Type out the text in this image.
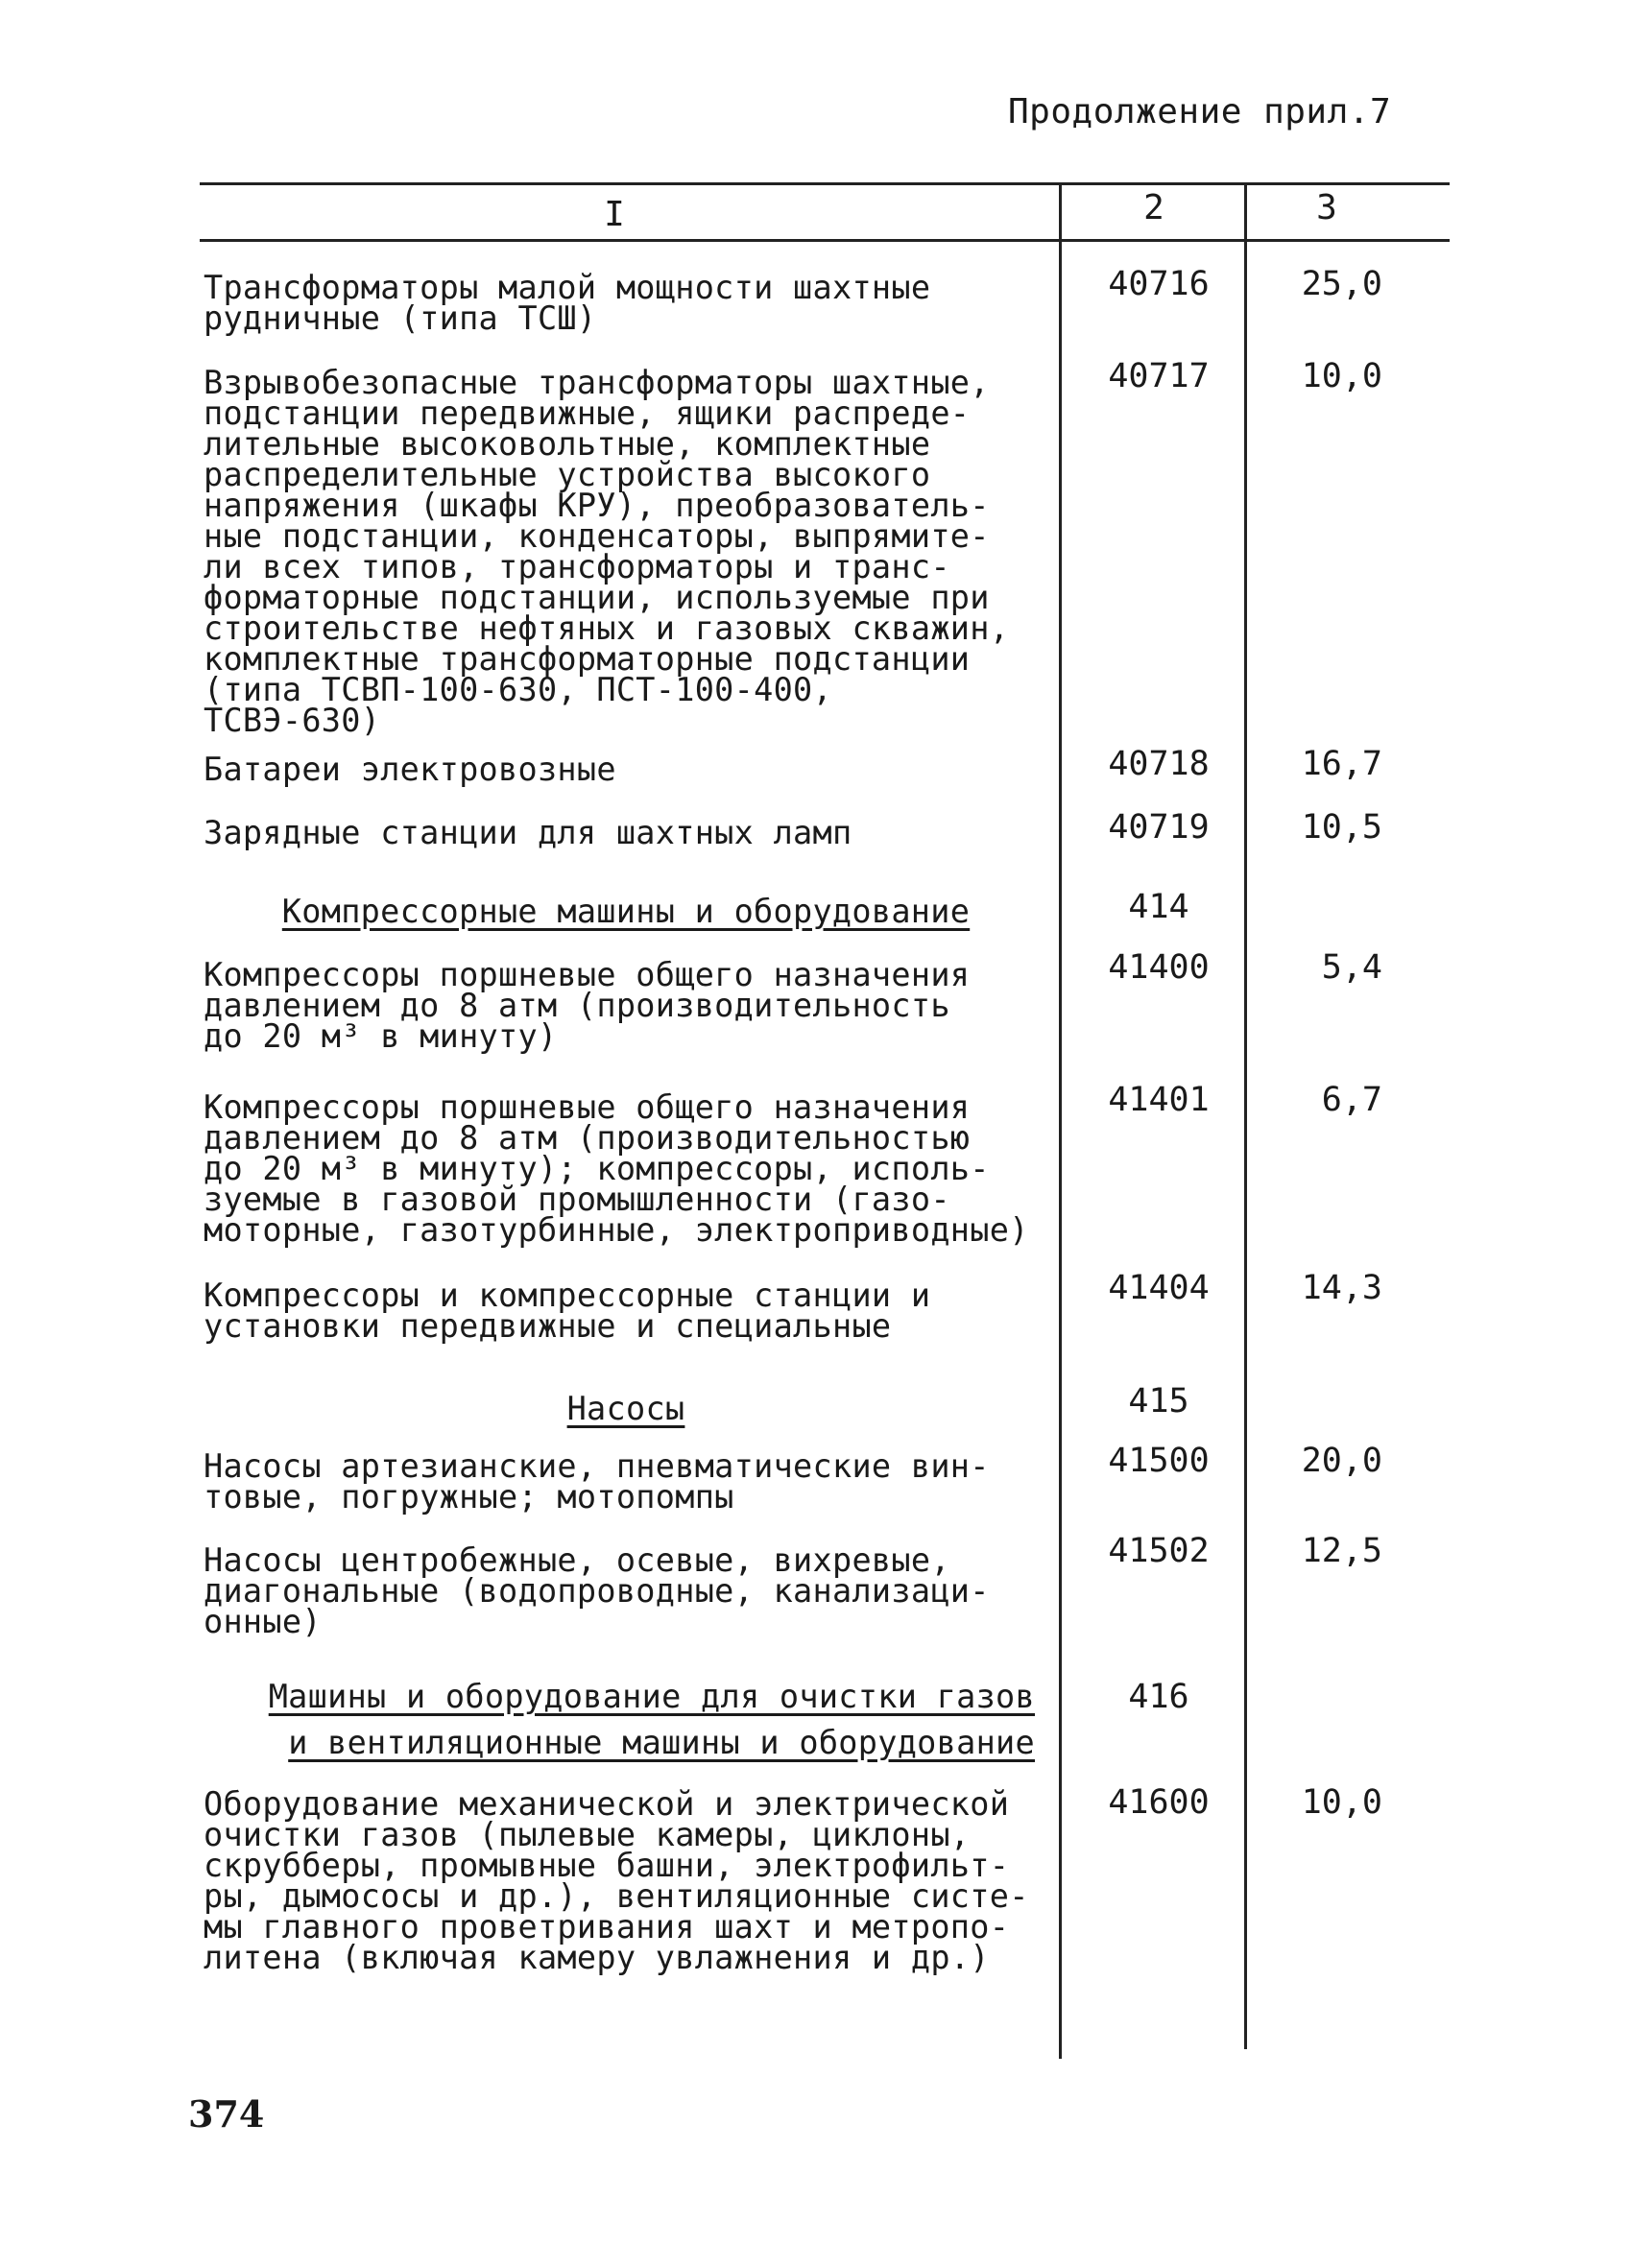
Продолжение прил.7
I	2	3
Трансформаторы малой мощности шахтные
рудничные (типа ТСШ)
40716	25,0
Взрывобезопасные трансформаторы шахтные,
подстанции передвижные, ящики распреде-
лительные высоковольтные, комплектные
распределительные устройства высокого
напряжения (шкафы КРУ), преобразователь-
ные подстанции, конденсаторы, выпрямите-
ли всех типов, трансформаторы и транс-
форматорные подстанции, используемые при
строительстве нефтяных и газовых скважин,
комплектные трансформаторные подстанции
(типа ТСВП-100-630, ПСТ-100-400,
ТСВЭ-630)
40717	10,0
Батареи электровозные	40718	16,7
Зарядные станции для шахтных ламп	40719	10,5
Компрессорные машины и оборудование	414
Компрессоры поршневые общего назначения
давлением до 8 атм (производительность
до 20 м³ в минуту)
41400	5,4
Компрессоры поршневые общего назначения
давлением до 8 атм (производительностью
до 20 м³ в минуту); компрессоры, исполь-
зуемые в газовой промышленности (газо-
моторные, газотурбинные, электроприводные)
41401	6,7
Компрессоры и компрессорные станции и
установки передвижные и специальные
41404	14,3
Насосы	415
Насосы артезианские, пневматические вин-
товые, погружные; мотопомпы
41500	20,0
Насосы центробежные, осевые, вихревые,
диагональные (водопроводные, канализаци-
онные)
41502	12,5
Машины и оборудование для очистки газов
и вентиляционные машины и оборудование
416
Оборудование механической и электрической
очистки газов (пылевые камеры, циклоны,
скрубберы, промывные башни, электрофильт-
ры, дымососы и др.), вентиляционные систе-
мы главного проветривания шахт и метропо-
литена (включая камеру увлажнения и др.)
41600	10,0
374
